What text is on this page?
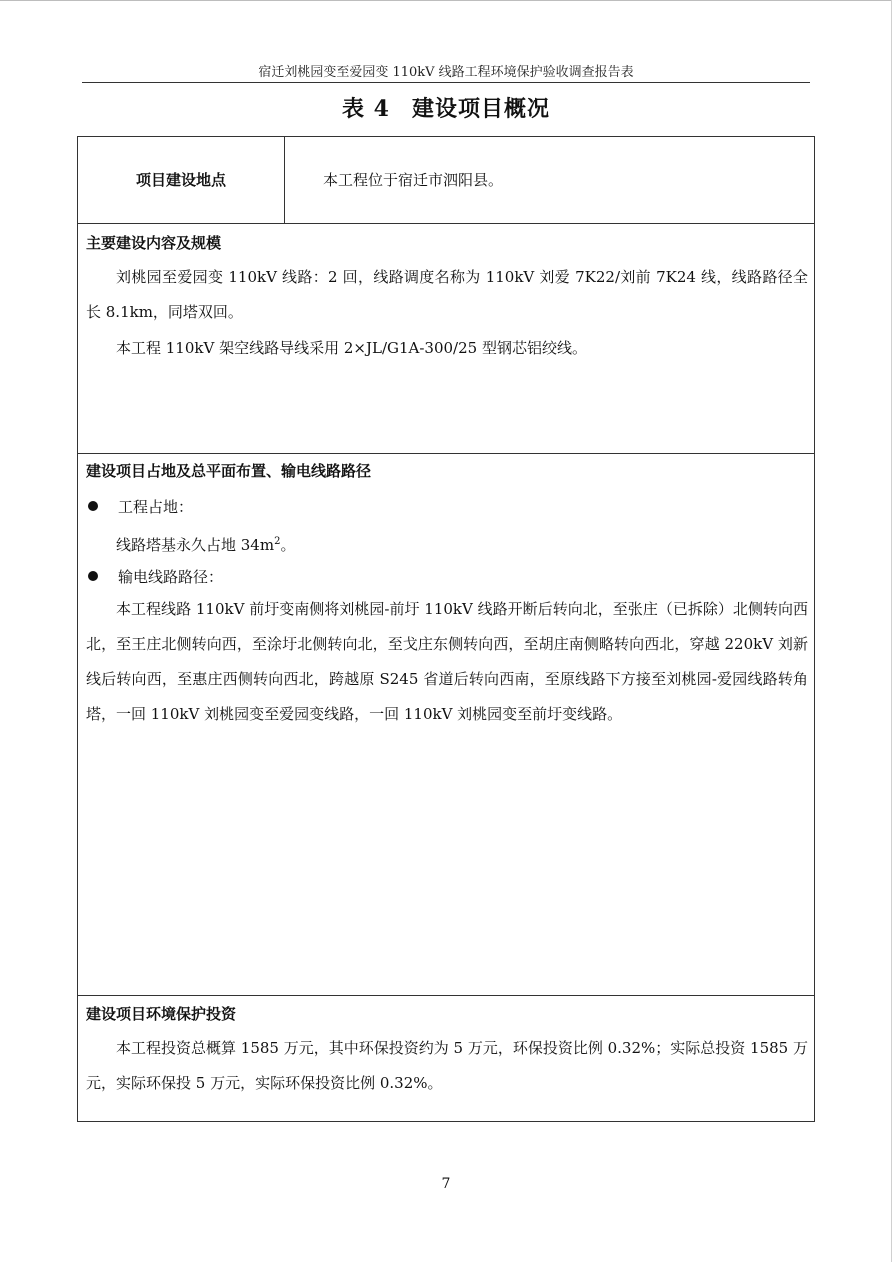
宿迁刘桃园变至爱园变 110kV 线路工程环境保护验收调查报告表
表 4 建设项目概况
项目建设地点	本工程位于宿迁市泗阳县。
主要建设内容及规模
刘桃园至爱园变 110kV 线路：2 回，线路调度名称为 110kV 刘爱 7K22/刘前 7K24 线，线路路径全长 8.1km，同塔双回。
本工程 110kV 架空线路导线采用 2×JL/G1A-300/25 型钢芯铝绞线。
建设项目占地及总平面布置、输电线路路径
工程占地：
线路塔基永久占地 $34m^2$。
输电线路路径：
本工程线路 110kV 前圩变南侧将刘桃园-前圩 110kV 线路开断后转向北，至张庄（已拆除）北侧转向西北，至王庄北侧转向西，至涂圩北侧转向北，至戈庄东侧转向西，至胡庄南侧略转向西北，穿越 220kV 刘新线后转向西，至惠庄西侧转向西北，跨越原 S245 省道后转向西南，至原线路下方接至刘桃园-爱园线路转角塔，一回 110kV 刘桃园变至爱园变线路，一回 110kV 刘桃园变至前圩变线路。
建设项目环境保护投资
本工程投资总概算 1585 万元，其中环保投资约为 5 万元，环保投资比例 0.32%；实际总投资 1585 万元，实际环保投 5 万元，实际环保投资比例 0.32%。
7
